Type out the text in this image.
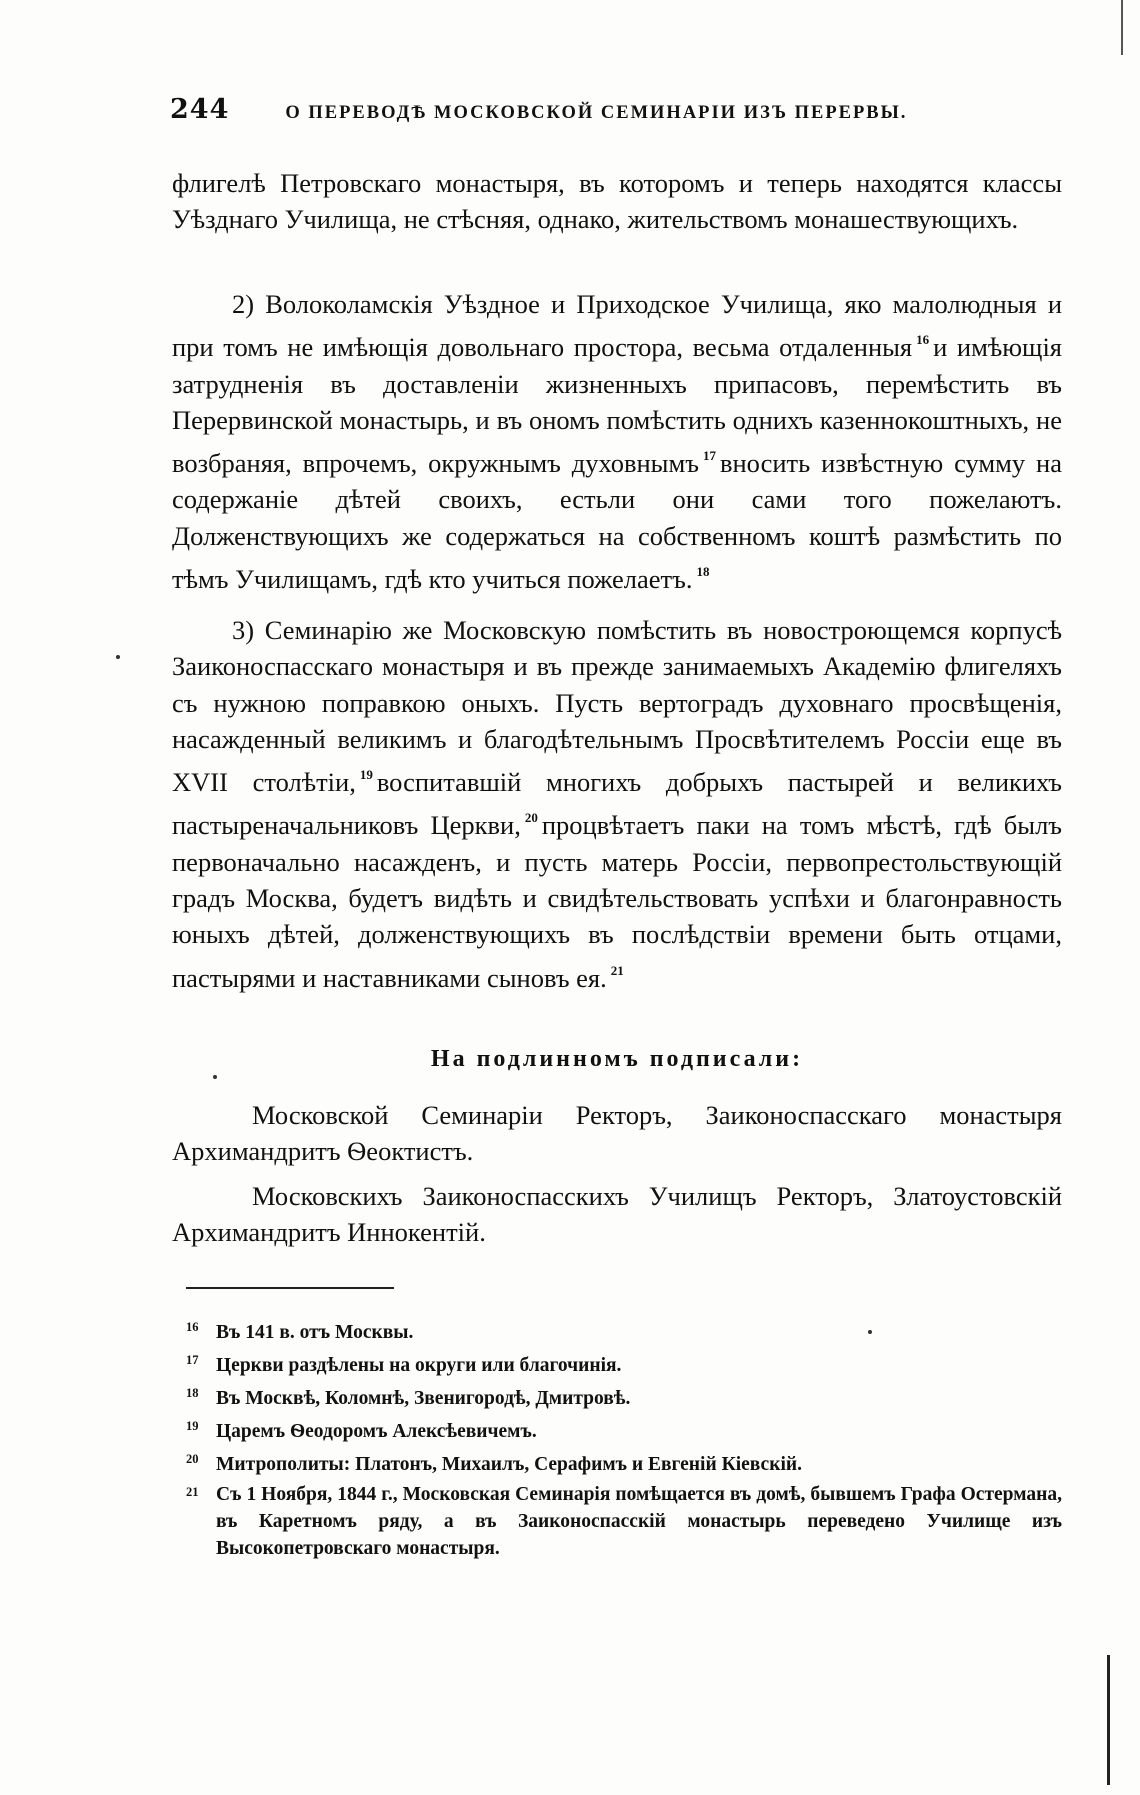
244	О ПЕРЕВОДѢ МОСКОВСКОЙ СЕМИНАРІИ ИЗЪ ПЕРЕРВЫ.

флигелѣ Петровскаго монастыря, въ которомъ и теперь находятся классы Уѣзднаго Училища, не стѣсняя, однако, жительствомъ монашествующихъ.

2) Волоколамскія Уѣздное и Приходское Училища, яко малолюдныя и при томъ не имѣющія довольнаго простора, весьма отдаленныя $^{16}$ и имѣющія затрудненія въ доставленіи жизненныхъ припасовъ, перемѣстить въ Перервинской монастырь, и въ ономъ помѣстить однихъ казеннокоштныхъ, не возбраняя, впрочемъ, окружнымъ духовнымъ $^{17}$ вносить извѣстную сумму на содержаніе дѣтей своихъ, естьли они сами того пожелаютъ. Долженствующихъ же содержаться на собственномъ коштѣ размѣстить по тѣмъ Училищамъ, гдѣ кто учиться пожелаетъ. $^{18}$

3) Семинарію же Московскую помѣстить въ новостроющемся корпусѣ Заиконоспасскаго монастыря и въ прежде занимаемыхъ Академію флигеляхъ съ нужною поправкою оныхъ. Пусть вертоградъ духовнаго просвѣщенія, насажденный великимъ и благодѣтельнымъ Просвѣтителемъ Россіи еще въ XVII столѣтіи, $^{19}$ воспитавшій многихъ добрыхъ пастырей и великихъ пастыреначальниковъ Церкви, $^{20}$ процвѣтаетъ паки на томъ мѣстѣ, гдѣ былъ первоначально насажденъ, и пусть матерь Россіи, первопрестольствующій градъ Москва, будетъ видѣть и свидѣтельствовать успѣхи и благонравность юныхъ дѣтей, долженствующихъ въ послѣдствіи времени быть отцами, пастырями и наставниками сыновъ ея. $^{21}$

На подлинномъ подписали:
Московской Семинаріи Ректоръ, Заиконоспасскаго монастыря Архимандритъ Ѳеоктистъ.
Московскихъ Заиконоспасскихъ Училищъ Ректоръ, Златоустовскій Архимандритъ Иннокентій.
16 Въ 141 в. отъ Москвы.
17 Церкви раздѣлены на округи или благочинія.
18 Въ Москвѣ, Коломнѣ, Звенигородѣ, Дмитровѣ.
19 Царемъ Ѳеодоромъ Алексѣевичемъ.
20 Митрополиты: Платонъ, Михаилъ, Серафимъ и Евгеній Кіевскій.
21 Съ 1 Ноября, 1844 г., Московская Семинарія помѣщается въ домѣ, бывшемъ Графа Остермана, въ Каретномъ ряду, а въ Заиконоспасскій монастырь переведено Училище изъ Высокопетровскаго монастыря.
